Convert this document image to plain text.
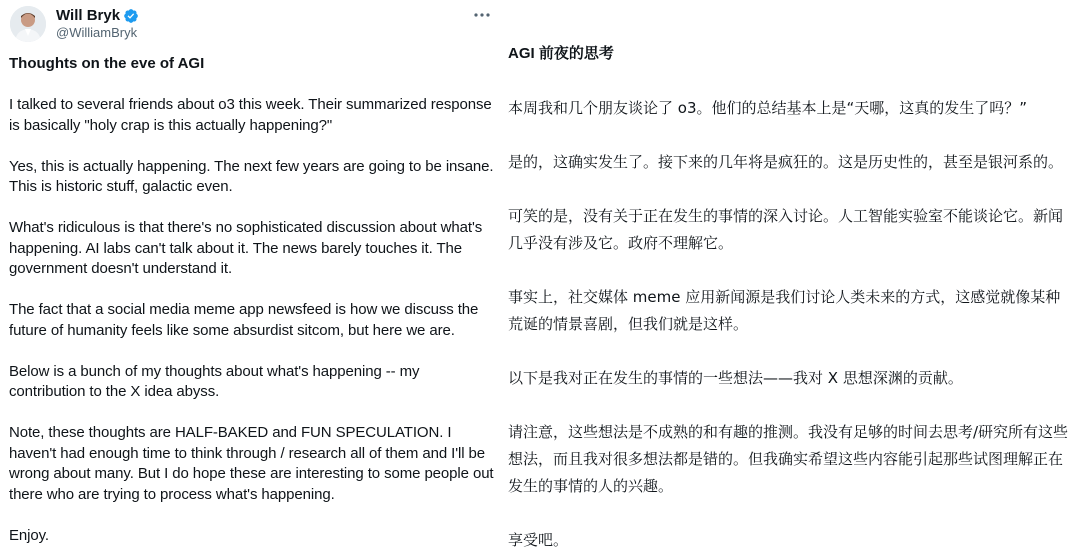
Will Bryk
@WilliamBryk
Thoughts on the eve of AGI

I talked to several friends about o3 this week. Their summarized response is basically "holy crap is this actually happening?"

Yes, this is actually happening. The next few years are going to be insane. This is historic stuff, galactic even.

What's ridiculous is that there's no sophisticated discussion about what's happening. AI labs can't talk about it. The news barely touches it. The government doesn't understand it.

The fact that a social media meme app newsfeed is how we discuss the future of humanity feels like some absurdist sitcom, but here we are.

Below is a bunch of my thoughts about what's happening -- my contribution to the X idea abyss.

Note, these thoughts are HALF-BAKED and FUN SPECULATION. I haven't had enough time to think through / research all of them and I'll be wrong about many. But I do hope these are interesting to some people out there who are trying to process what's happening.

Enjoy.

AGI 前夜的思考

本周我和几个朋友谈论了 o3。他们的总结基本上是“天哪，这真的发生了吗？”

是的，这确实发生了。接下来的几年将是疯狂的。这是历史性的，甚至是银河系的。

可笑的是，没有关于正在发生的事情的深入讨论。人工智能实验室不能谈论它。新闻几乎没有涉及它。政府不理解它。

事实上，社交媒体 meme 应用新闻源是我们讨论人类未来的方式，这感觉就像某种荒诞的情景喜剧，但我们就是这样。

以下是我对正在发生的事情的一些想法——我对 X 思想深渊的贡献。

请注意，这些想法是不成熟的和有趣的推测。我没有足够的时间去思考/研究所有这些想法，而且我对很多想法都是错的。但我确实希望这些内容能引起那些试图理解正在发生的事情的人的兴趣。

享受吧。
